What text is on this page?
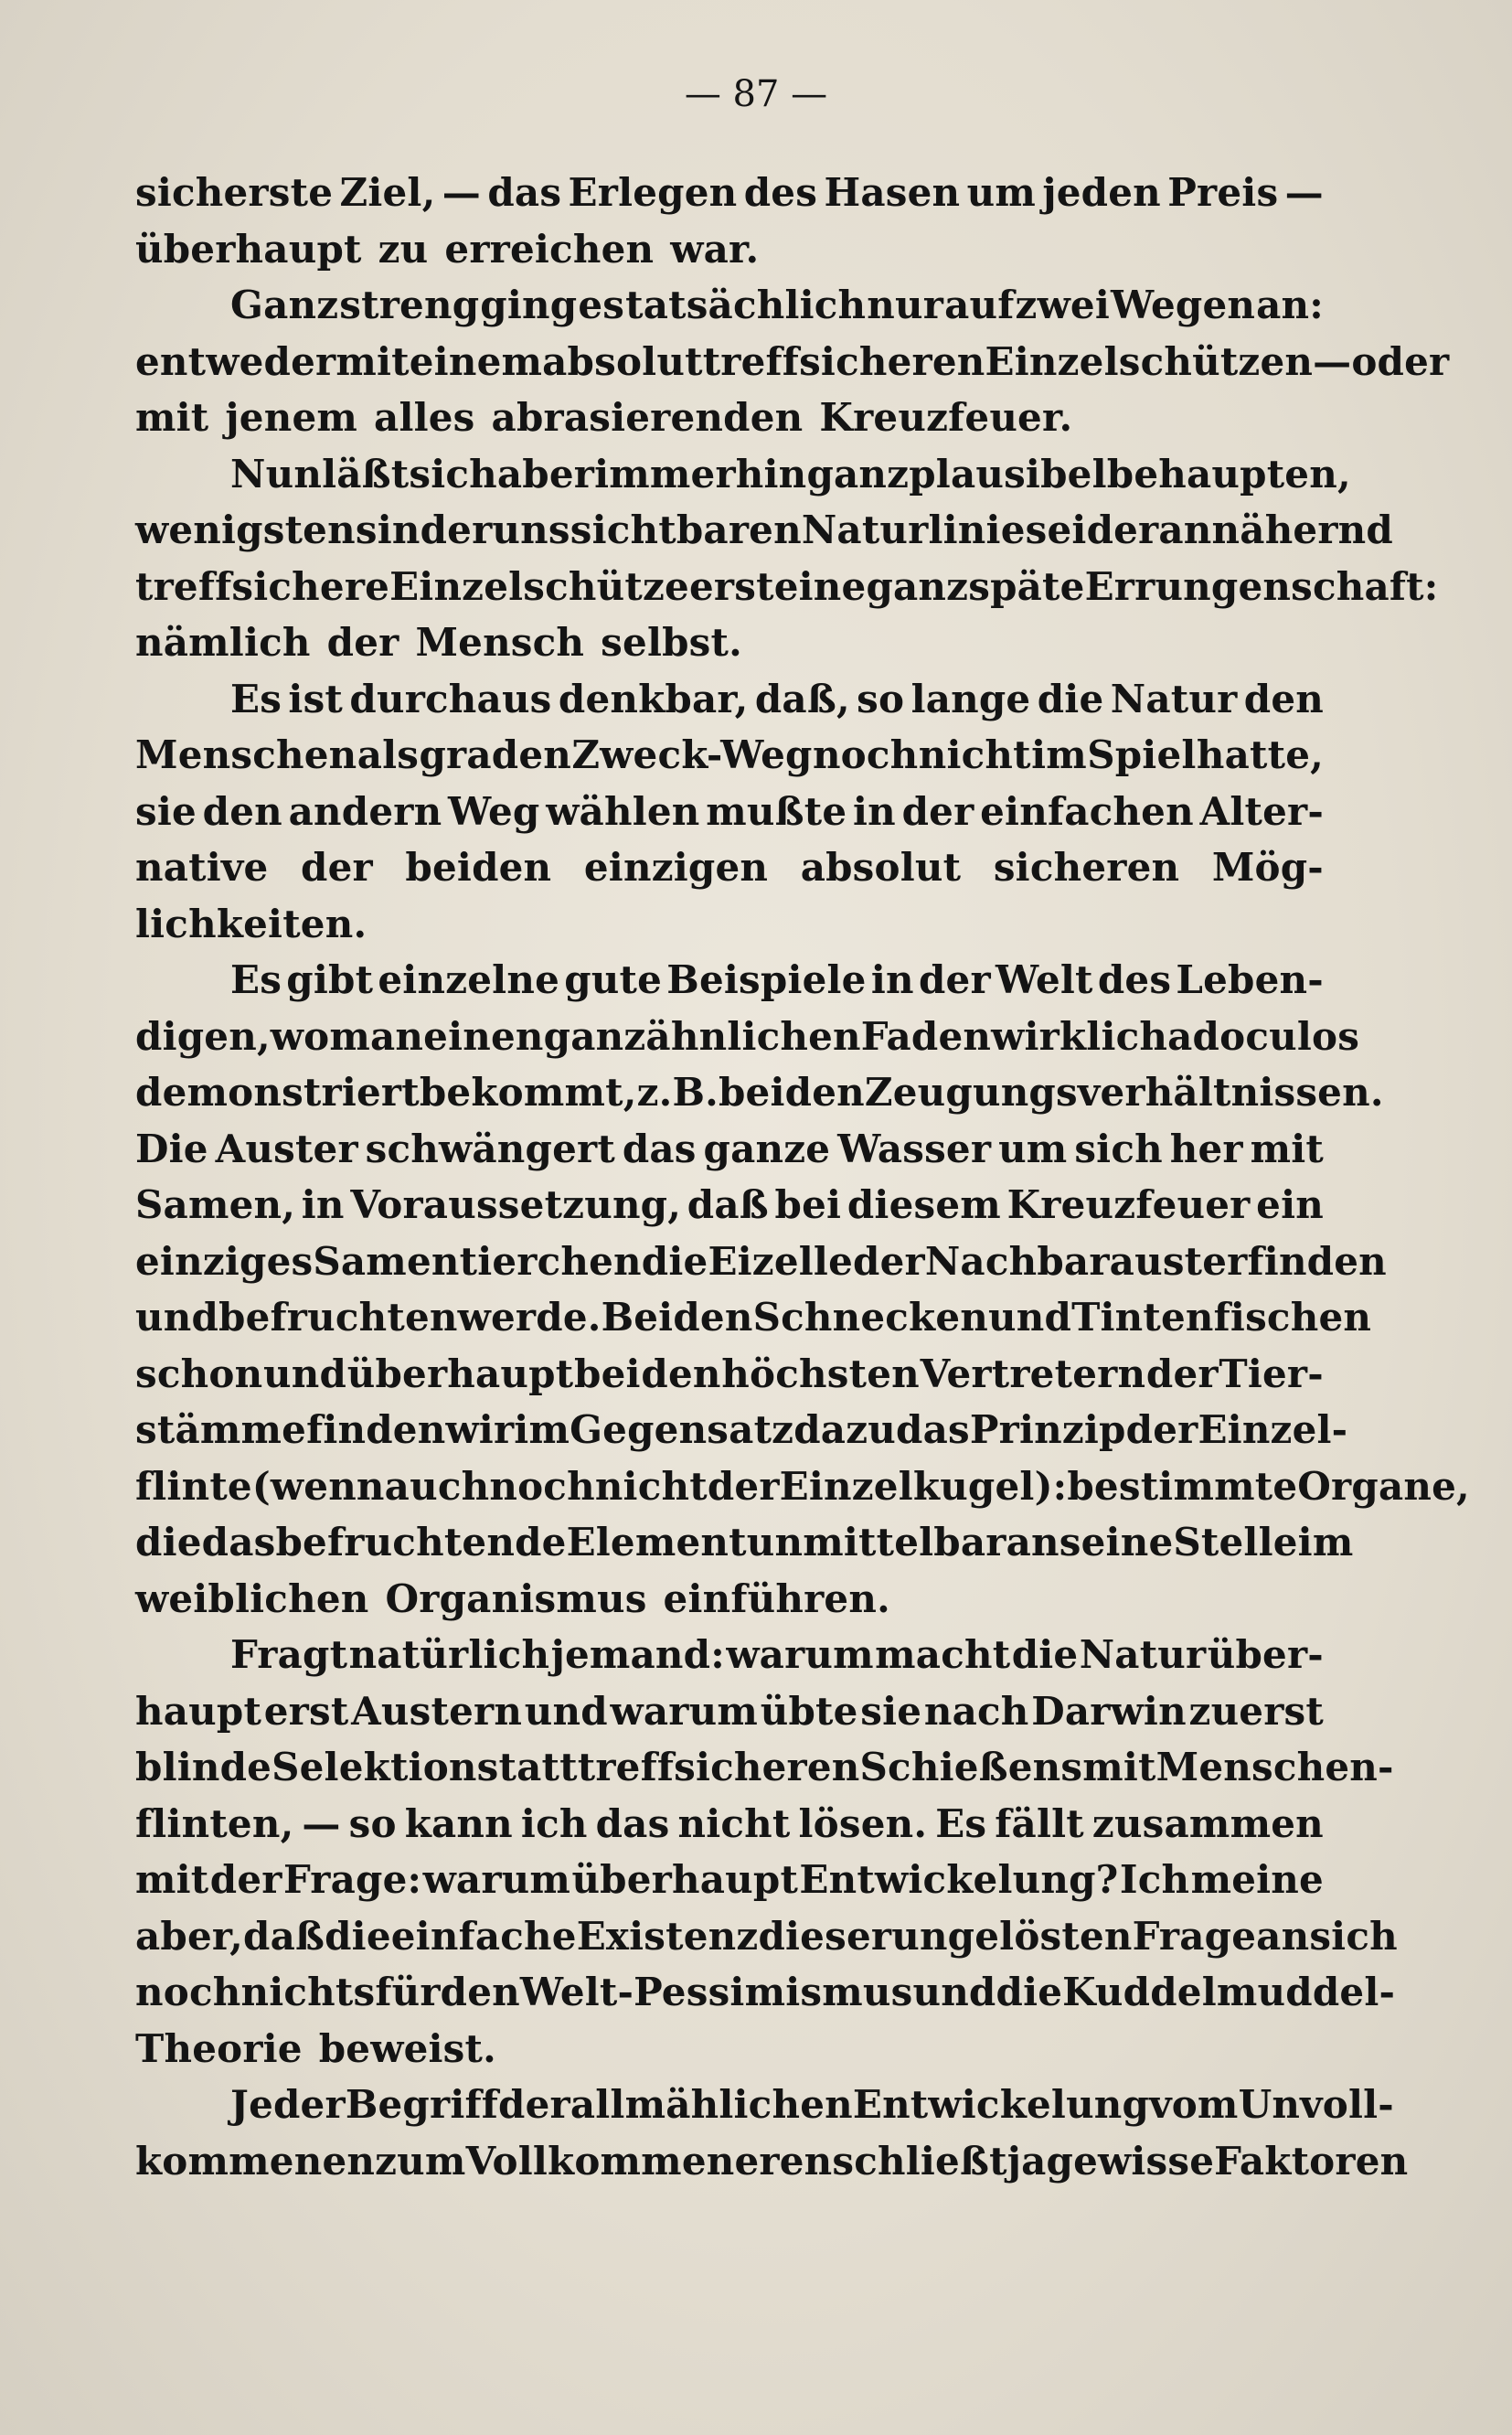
— 87 —
sicherste Ziel, — das Erlegen des Hasen um jeden Preis —
überhaupt zu erreichen war.
Ganz streng ging es tatsächlich nur auf zwei Wegen an:
entweder mit einem absolut treffsicheren Einzelschützen — oder
mit jenem alles abrasierenden Kreuzfeuer.
Nun läßt sich aber immerhin ganz plausibel behaupten,
wenigstens in der uns sichtbaren Naturlinie sei der annähernd
treffsichere Einzelschütze erst eine ganz späte Errungenschaft:
nämlich der Mensch selbst.
Es ist durchaus denkbar, daß, so lange die Natur den
Menschen als graden Zweck-Weg noch nicht im Spiel hatte,
sie den andern Weg wählen mußte in der einfachen Alter-
native der beiden einzigen absolut sicheren Mög-
lichkeiten.
Es gibt einzelne gute Beispiele in der Welt des Leben-
digen, wo man einen ganz ähnlichen Faden wirklich ad oculos
demonstriert bekommt, z. B. bei den Zeugungsverhältnissen.
Die Auster schwängert das ganze Wasser um sich her mit
Samen, in Voraussetzung, daß bei diesem Kreuzfeuer ein
einziges Samentierchen die Eizelle der Nachbarauster finden
und befruchten werde. Bei den Schnecken und Tintenfischen
schon und überhaupt bei den höchsten Vertretern der Tier-
stämme finden wir im Gegensatz dazu das Prinzip der Einzel-
flinte (wenn auch noch nicht der Einzelkugel): bestimmte Organe,
die das befruchtende Element unmittelbar an seine Stelle im
weiblichen Organismus einführen.
Fragt natürlich jemand: warum macht die Natur über-
haupt erst Austern und warum übte sie nach Darwin zuerst
blinde Selektion statt treffsicheren Schießens mit Menschen-
flinten, — so kann ich das nicht lösen. Es fällt zusammen
mit der Frage: warum überhaupt Entwickelung? Ich meine
aber, daß die einfache Existenz dieser ungelösten Frage an sich
noch nichts für den Welt-Pessimismus und die Kuddelmuddel-
Theorie beweist.
Jeder Begriff der allmählichen Entwickelung vom Unvoll-
kommenen zum Vollkommeneren schließt ja gewisse Faktoren
